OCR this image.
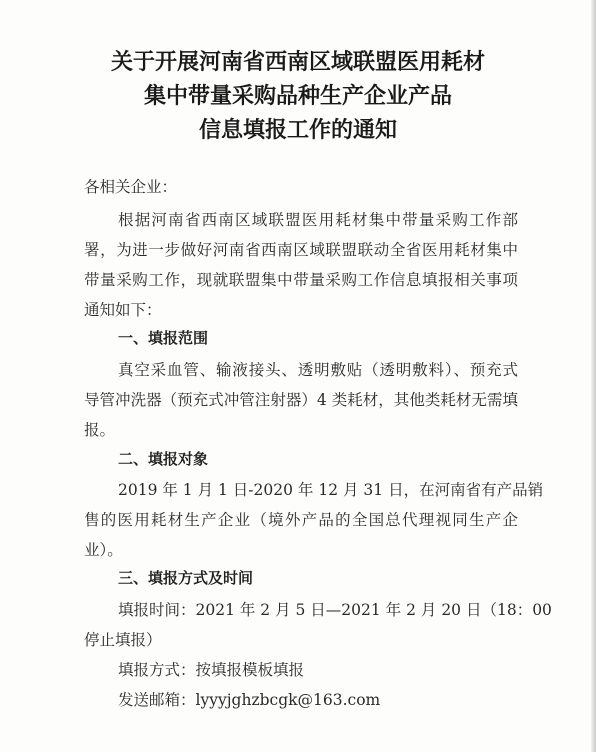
关于开展河南省西南区域联盟医用耗材
集中带量采购品种生产企业产品
信息填报工作的通知
各相关企业：
根据河南省西南区域联盟医用耗材集中带量采购工作部
署，为进一步做好河南省西南区域联盟联动全省医用耗材集中
带量采购工作，现就联盟集中带量采购工作信息填报相关事项
通知如下：
一、填报范围
真空采血管、输液接头、透明敷贴（透明敷料）、预充式
导管冲洗器（预充式冲管注射器）4 类耗材，其他类耗材无需填
报。
二、填报对象
2019 年 1 月 1 日-2020 年 12 月 31 日，在河南省有产品销
售的医用耗材生产企业（境外产品的全国总代理视同生产企
业）。
三、填报方式及时间
填报时间：2021 年 2 月 5 日—2021 年 2 月 20 日（18：00
停止填报）
填报方式：按填报模板填报
发送邮箱：lyyyjghzbcgk@163.com
